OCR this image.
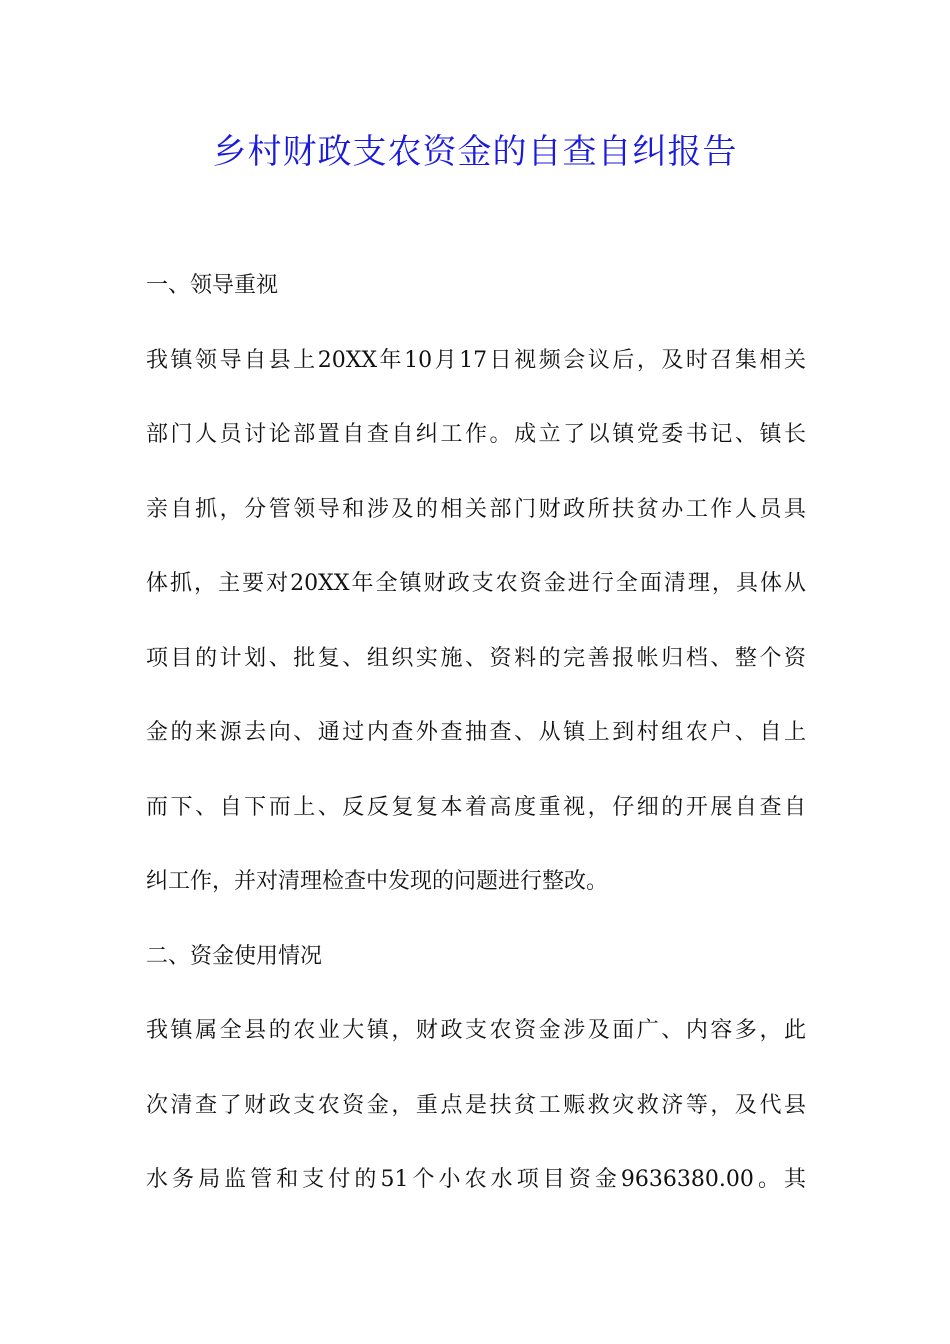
乡村财政支农资金的自查自纠报告
一、领导重视
我镇领导自县上20XX年10月17日视频会议后，及时召集相关
部门人员讨论部置自查自纠工作。成立了以镇党委书记、镇长
亲自抓，分管领导和涉及的相关部门财政所扶贫办工作人员具
体抓，主要对20XX年全镇财政支农资金进行全面清理，具体从
项目的计划、批复、组织实施、资料的完善报帐归档、整个资
金的来源去向、通过内查外查抽查、从镇上到村组农户、自上
而下、自下而上、反反复复本着高度重视，仔细的开展自查自
纠工作，并对清理检查中发现的问题进行整改。
二、资金使用情况
我镇属全县的农业大镇，财政支农资金涉及面广、内容多，此
次清查了财政支农资金，重点是扶贫工赈救灾救济等，及代县
水务局监管和支付的51个小农水项目资金9636380.00。其
